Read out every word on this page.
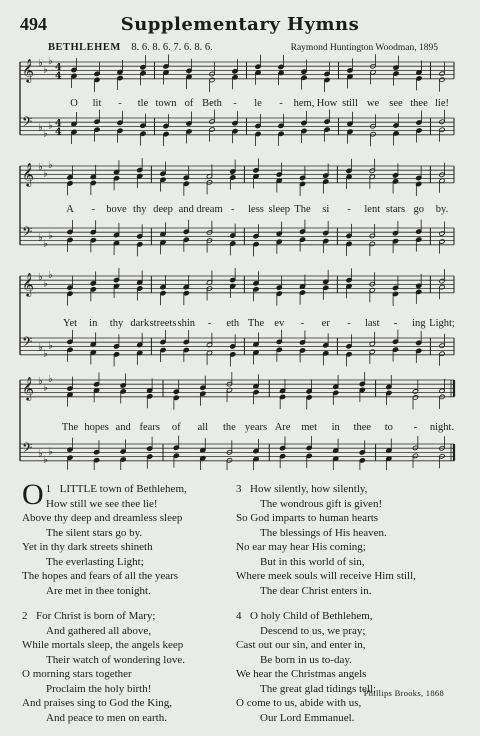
494	Supplementary Hymns
BETHLEHEM 8. 6. 8. 6. 7. 6. 8. 6.	Raymond Huntington Woodman, 1895
𝄞 ♭
♭
♭
4
4
𝄢 ♭
♭
♭ 4
4
O lit - tle town of Beth - le - hem, How still we see thee lie!
𝄞 ♭
♭
♭
𝄢 ♭
♭
♭
A - bove thy deep and dream - less sleep The si - lent stars go by.
𝄞 ♭
♭
♭
𝄢 ♭
♭
♭
Yet in thy dark streets shin - eth The ev - er - last - ing Light;
𝄞 ♭
♭
♭
𝄢 ♭
♭
♭
The hopes and fears of all the years Are met in thee to - night.
1
O LITTLE town of Bethlehem,
How still we see thee lie!
Above thy deep and dreamless sleep
The silent stars go by.
Yet in thy dark streets shineth
The everlasting Light;
The hopes and fears of all the years
Are met in thee tonight.
2 For Christ is born of Mary;
And gathered all above,
While mortals sleep, the angels keep
Their watch of wondering love.
O morning stars together
Proclaim the holy birth!
And praises sing to God the King,
And peace to men on earth.
3 How silently, how silently,
The wondrous gift is given!
So God imparts to human hearts
The blessings of His heaven.
No ear may hear His coming;
But in this world of sin,
Where meek souls will receive Him still,
The dear Christ enters in.
4 O holy Child of Bethlehem,
Descend to us, we pray;
Cast out our sin, and enter in,
Be born in us to-day.
We hear the Christmas angels
The great glad tidings tell;
O come to us, abide with us,
Our Lord Emmanuel.
Phillips Brooks, 1868
